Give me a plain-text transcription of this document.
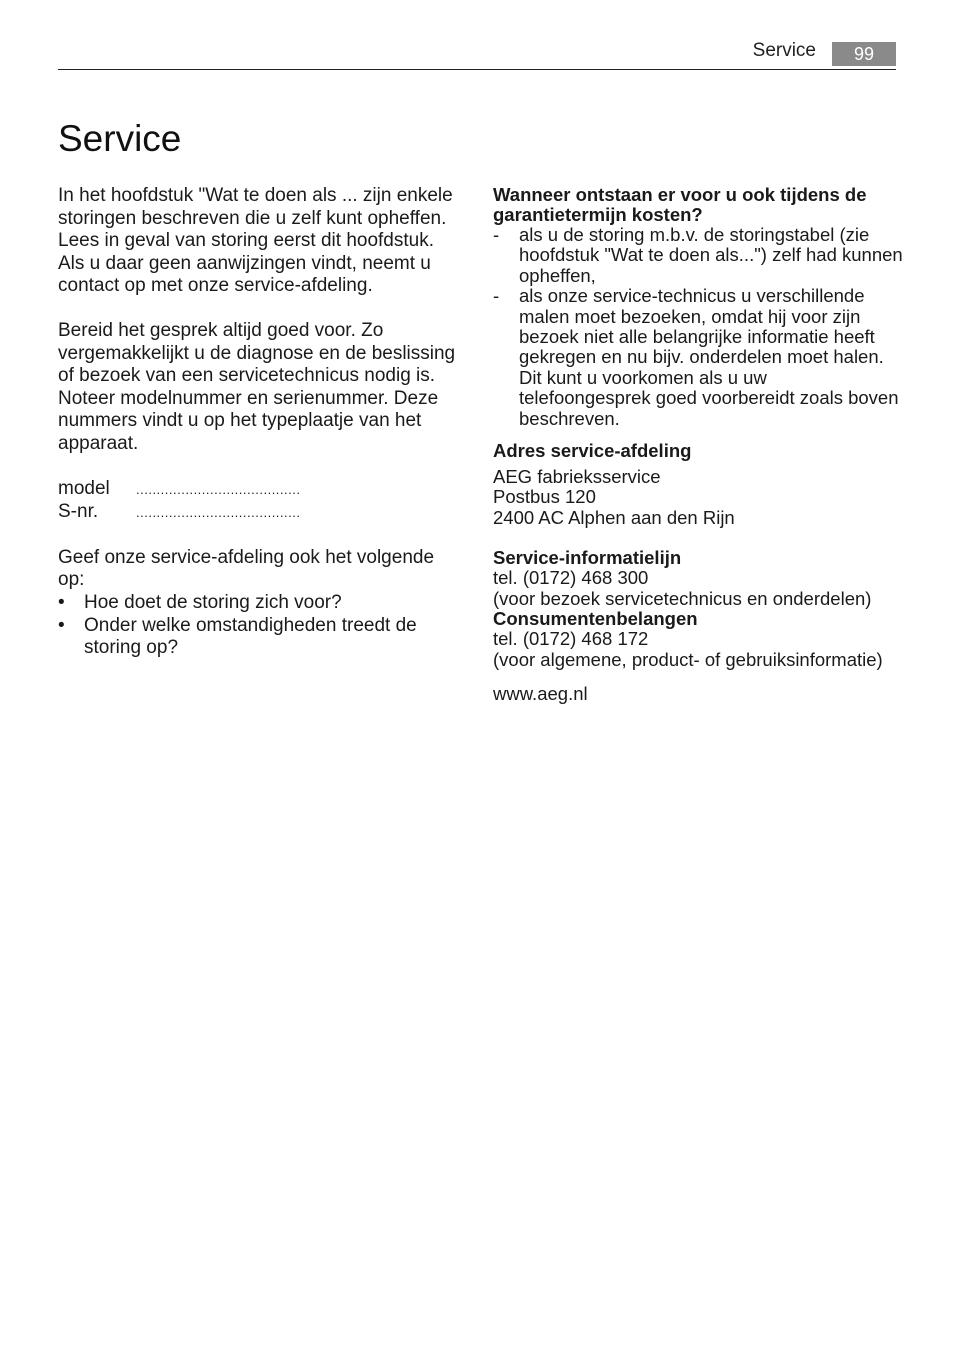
Service	99
Service

In het hoofdstuk "Wat te doen als ... zijn enkele storingen beschreven die u zelf kunt opheffen. Lees in geval van storing eerst dit hoofdstuk. Als u daar geen aanwijzingen vindt, neemt u contact op met onze service-afdeling.

Bereid het gesprek altijd goed voor. Zo vergemakkelijkt u de diagnose en de beslissing of bezoek van een servicetechnicus nodig is.

Noteer modelnummer en serienummer. Deze nummers vindt u op het typeplaatje van het apparaat.

model	........................................
S-nr.	........................................

Geef onze service-afdeling ook het volgende op:

• Hoe doet de storing zich voor?
• Onder welke omstandigheden treedt de storing op?

Wanneer ontstaan er voor u ook tijdens de garantietermijn kosten?

- als u de storing m.b.v. de storingstabel (zie hoofdstuk "Wat te doen als...") zelf had kunnen opheffen,
- als onze service-technicus u verschillende malen moet bezoeken, omdat hij voor zijn bezoek niet alle belangrijke informatie heeft gekregen en nu bijv. onderdelen moet halen. Dit kunt u voorkomen als u uw telefoongesprek goed voorbereidt zoals boven beschreven.

Adres service-afdeling

AEG fabrieksservice

Postbus 120

2400 AC Alphen aan den Rijn

Service-informatielijn

tel. (0172) 468 300

(voor bezoek servicetechnicus en onderdelen)

Consumentenbelangen

tel. (0172) 468 172

(voor algemene, product- of gebruiksinformatie)

www.aeg.nl
